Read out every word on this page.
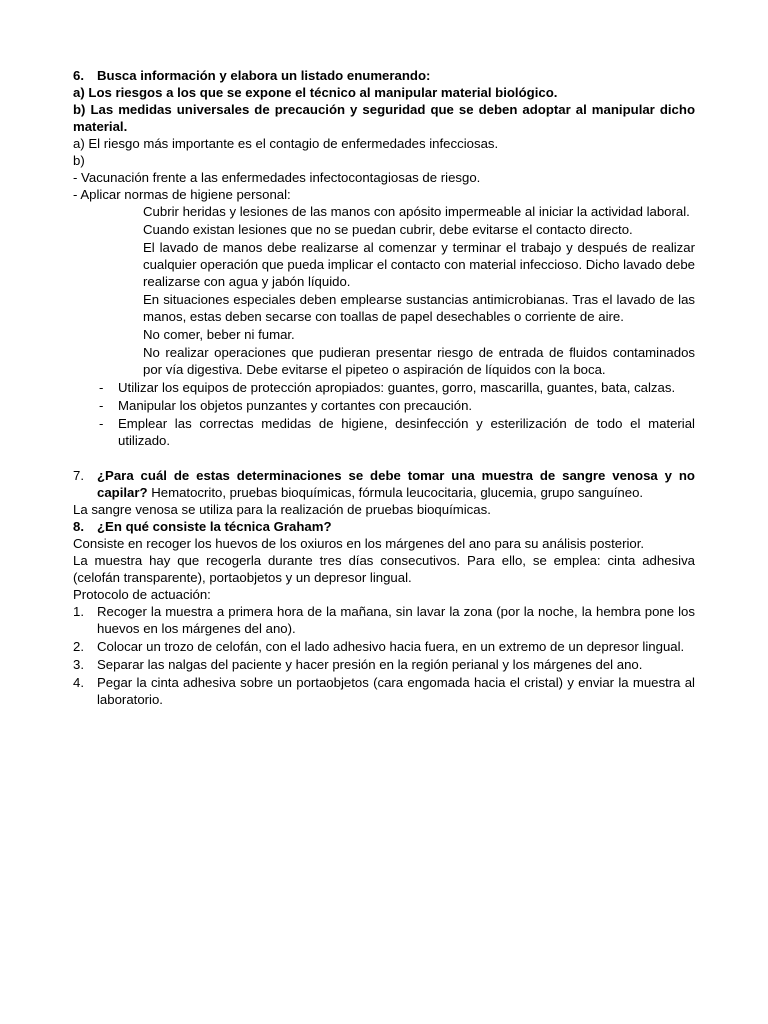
6. Busca información y elabora un listado enumerando:

a) Los riesgos a los que se expone el técnico al manipular material biológico.

b) Las medidas universales de precaución y seguridad que se deben adoptar al manipular dicho material.

a) El riesgo más importante es el contagio de enfermedades infecciosas.

b)

- Vacunación frente a las enfermedades infectocontagiosas de riesgo.

- Aplicar normas de higiene personal:

Cubrir heridas y lesiones de las manos con apósito impermeable al iniciar la actividad laboral.

Cuando existan lesiones que no se puedan cubrir, debe evitarse el contacto directo.

El lavado de manos debe realizarse al comenzar y terminar el trabajo y después de realizar cualquier operación que pueda implicar el contacto con material infeccioso. Dicho lavado debe realizarse con agua y jabón líquido.

En situaciones especiales deben emplearse sustancias antimicrobianas. Tras el lavado de las manos, estas deben secarse con toallas de papel desechables o corriente de aire.

No comer, beber ni fumar.

No realizar operaciones que pudieran presentar riesgo de entrada de fluidos contaminados por vía digestiva. Debe evitarse el pipeteo o aspiración de líquidos con la boca.

-	Utilizar los equipos de protección apropiados: guantes, gorro, mascarilla, guantes, bata, calzas.
-	Manipular los objetos punzantes y cortantes con precaución.
-	Emplear las correctas medidas de higiene, desinfección y esterilización de todo el material utilizado.
7. ¿Para cuál de estas determinaciones se debe tomar una muestra de sangre venosa y no capilar? Hematocrito, pruebas bioquímicas, fórmula leucocitaria, glucemia, grupo sanguíneo.

La sangre venosa se utiliza para la realización de pruebas bioquímicas.

8. ¿En qué consiste la técnica Graham?

Consiste en recoger los huevos de los oxiuros en los márgenes del ano para su análisis posterior.

La muestra hay que recogerla durante tres días consecutivos. Para ello, se emplea: cinta adhesiva (celofán transparente), portaobjetos y un depresor lingual.

Protocolo de actuación:

1. Recoger la muestra a primera hora de la mañana, sin lavar la zona (por la noche, la hembra pone los huevos en los márgenes del ano).
2. Colocar un trozo de celofán, con el lado adhesivo hacia fuera, en un extremo de un depresor lingual.
3. Separar las nalgas del paciente y hacer presión en la región perianal y los márgenes del ano.
4. Pegar la cinta adhesiva sobre un portaobjetos (cara engomada hacia el cristal) y enviar la muestra al laboratorio.
